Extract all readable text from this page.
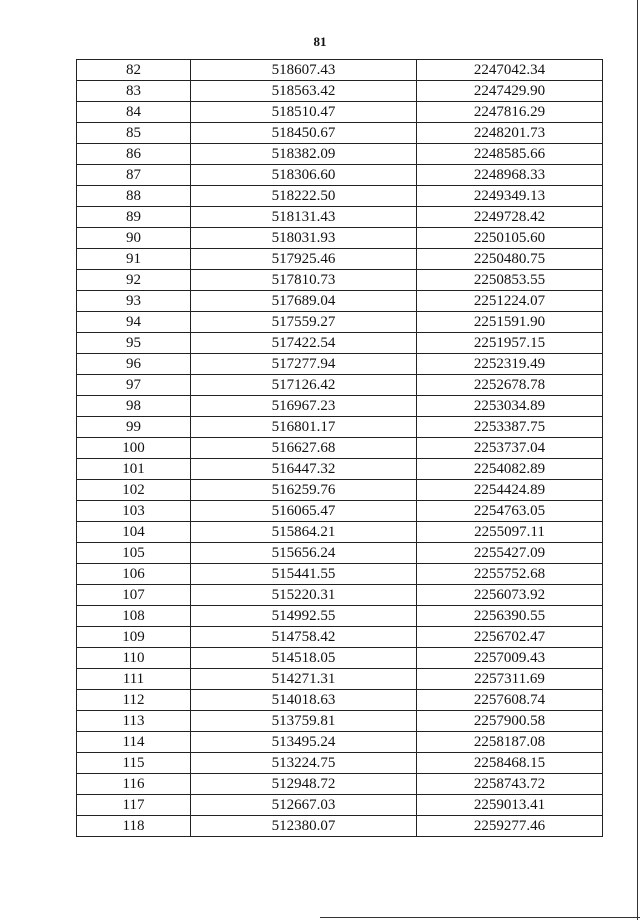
81
82	518607.43	2247042.34
83	518563.42	2247429.90
84	518510.47	2247816.29
85	518450.67	2248201.73
86	518382.09	2248585.66
87	518306.60	2248968.33
88	518222.50	2249349.13
89	518131.43	2249728.42
90	518031.93	2250105.60
91	517925.46	2250480.75
92	517810.73	2250853.55
93	517689.04	2251224.07
94	517559.27	2251591.90
95	517422.54	2251957.15
96	517277.94	2252319.49
97	517126.42	2252678.78
98	516967.23	2253034.89
99	516801.17	2253387.75
100	516627.68	2253737.04
101	516447.32	2254082.89
102	516259.76	2254424.89
103	516065.47	2254763.05
104	515864.21	2255097.11
105	515656.24	2255427.09
106	515441.55	2255752.68
107	515220.31	2256073.92
108	514992.55	2256390.55
109	514758.42	2256702.47
110	514518.05	2257009.43
111	514271.31	2257311.69
112	514018.63	2257608.74
113	513759.81	2257900.58
114	513495.24	2258187.08
115	513224.75	2258468.15
116	512948.72	2258743.72
117	512667.03	2259013.41
118	512380.07	2259277.46
